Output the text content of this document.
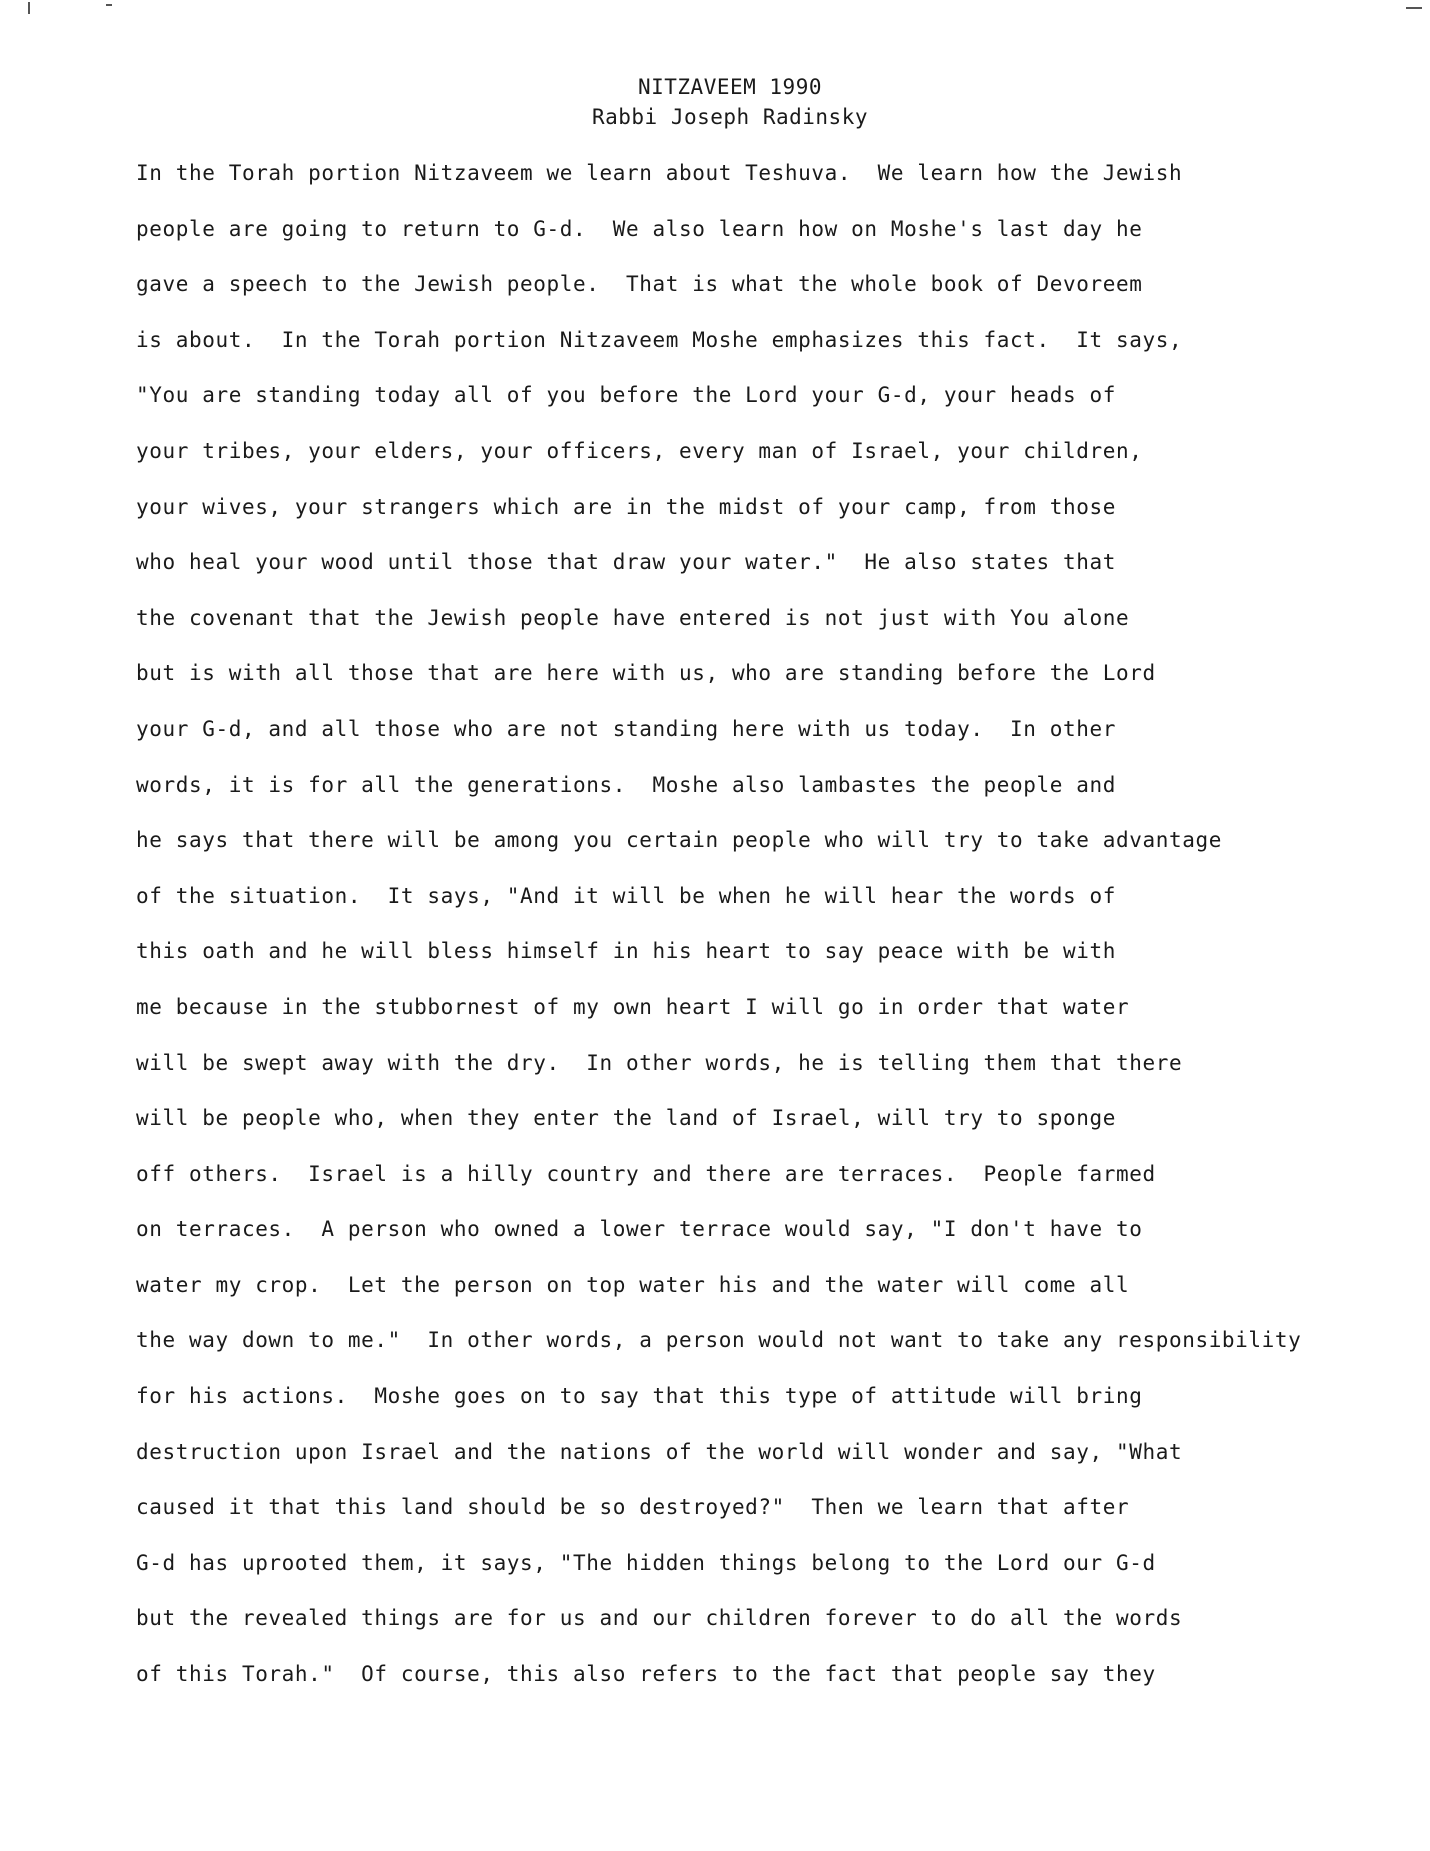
NITZAVEEM 1990
Rabbi Joseph Radinsky
In the Torah portion Nitzaveem we learn about Teshuva.  We learn how the Jewish
people are going to return to G-d.  We also learn how on Moshe's last day he
gave a speech to the Jewish people.  That is what the whole book of Devoreem
is about.  In the Torah portion Nitzaveem Moshe emphasizes this fact.  It says,
"You are standing today all of you before the Lord your G-d, your heads of
your tribes, your elders, your officers, every man of Israel, your children,
your wives, your strangers which are in the midst of your camp, from those
who heal your wood until those that draw your water."  He also states that
the covenant that the Jewish people have entered is not just with You alone
but is with all those that are here with us, who are standing before the Lord
your G-d, and all those who are not standing here with us today.  In other
words, it is for all the generations.  Moshe also lambastes the people and
he says that there will be among you certain people who will try to take advantage
of the situation.  It says, "And it will be when he will hear the words of
this oath and he will bless himself in his heart to say peace with be with
me because in the stubbornest of my own heart I will go in order that water
will be swept away with the dry.  In other words, he is telling them that there
will be people who, when they enter the land of Israel, will try to sponge
off others.  Israel is a hilly country and there are terraces.  People farmed
on terraces.  A person who owned a lower terrace would say, "I don't have to
water my crop.  Let the person on top water his and the water will come all
the way down to me."  In other words, a person would not want to take any responsibility
for his actions.  Moshe goes on to say that this type of attitude will bring
destruction upon Israel and the nations of the world will wonder and say, "What
caused it that this land should be so destroyed?"  Then we learn that after
G-d has uprooted them, it says, "The hidden things belong to the Lord our G-d
but the revealed things are for us and our children forever to do all the words
of this Torah."  Of course, this also refers to the fact that people say they
